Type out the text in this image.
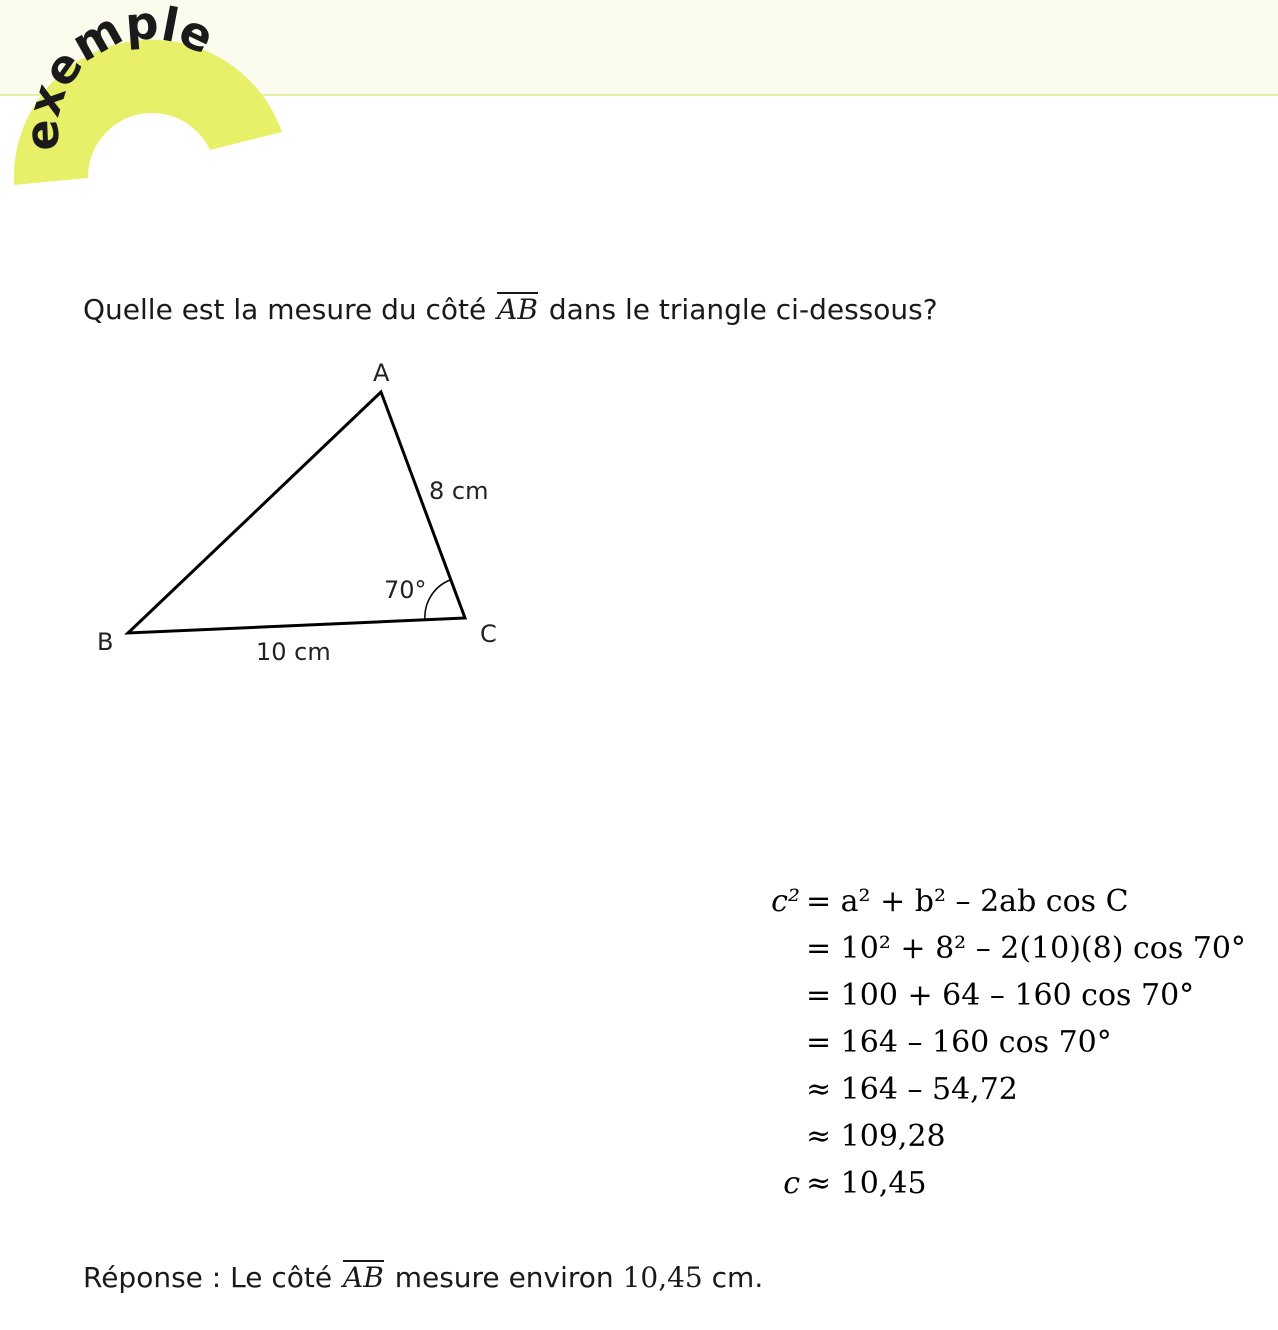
exemple
Quelle est la mesure du côté AB dans le triangle ci-dessous?
A
B	C
8 cm
10 cm
70°
c² = a² + b² – 2ab cos C
= 10² + 8² – 2(10)(8) cos 70°
= 100 + 64 – 160 cos 70°
= 164 – 160 cos 70°
≈ 164 – 54,72
≈ 109,28
c ≈ 10,45
Réponse : Le côté AB mesure environ 10,45 cm.
